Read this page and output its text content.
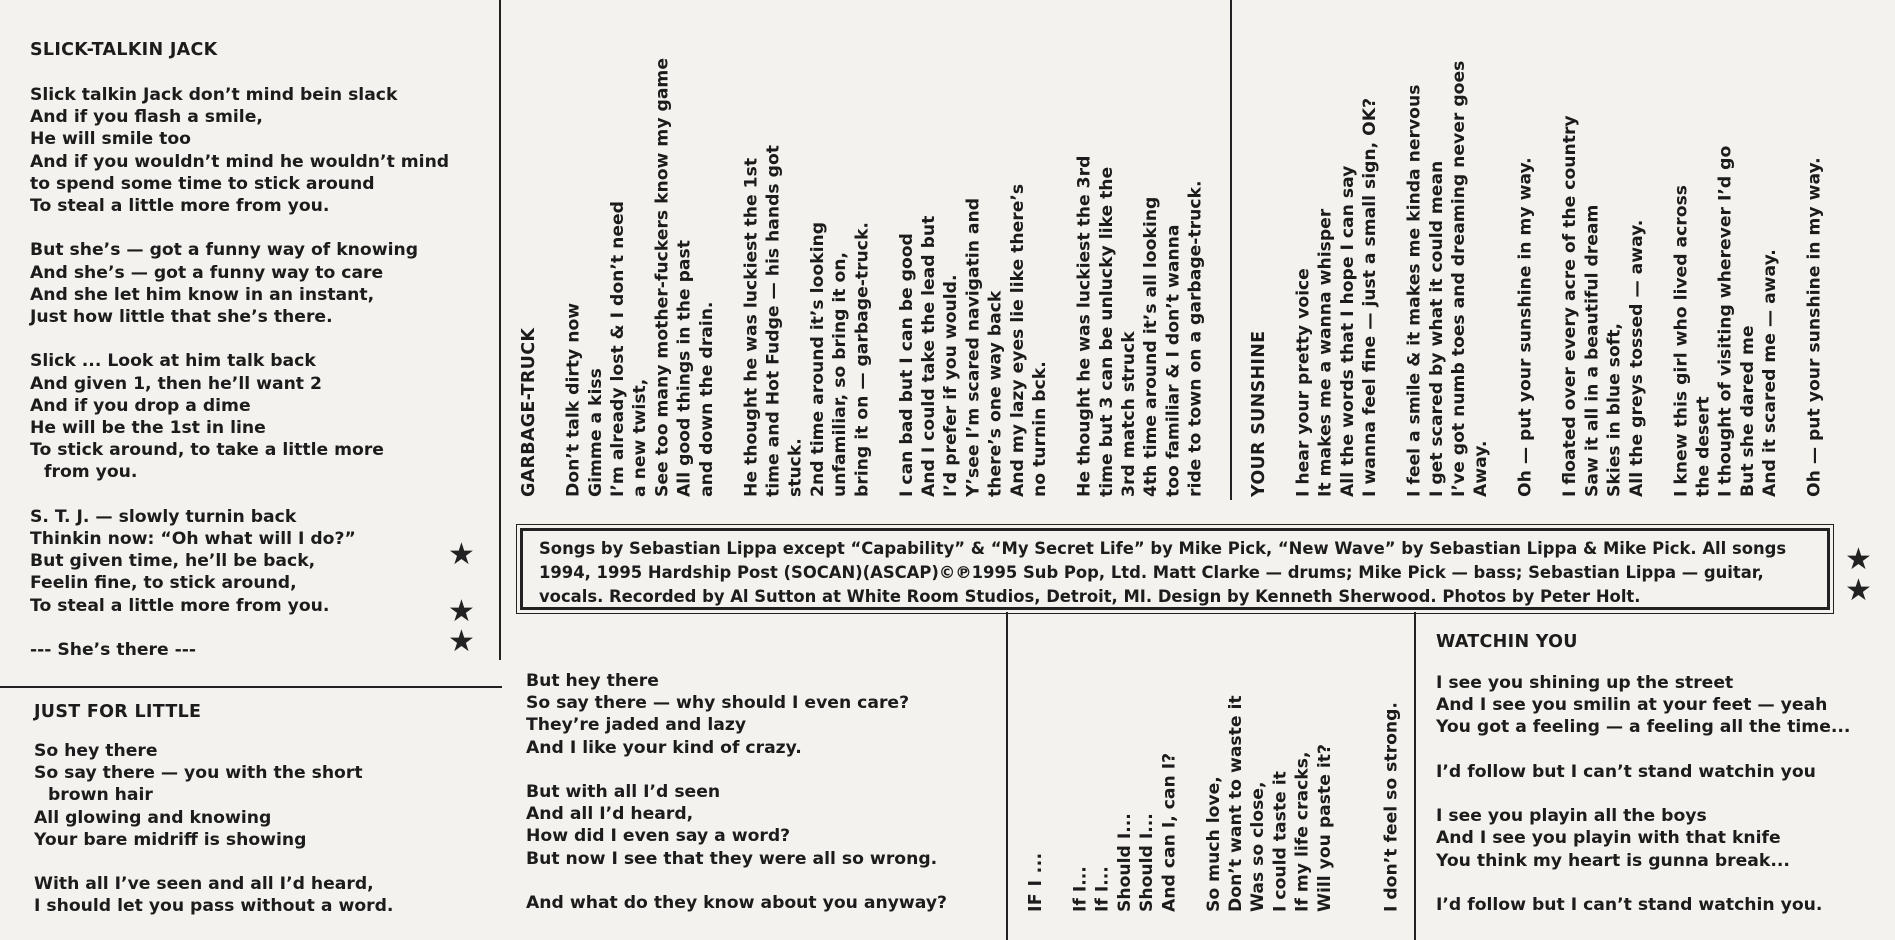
SLICK-TALKIN JACK
Slick talkin Jack don’t mind bein slack
And if you flash a smile,
He will smile too
And if you wouldn’t mind he wouldn’t mind
to spend some time to stick around
To steal a little more from you.
But she’s — got a funny way of knowing
And she’s — got a funny way to care
And she let him know in an instant,
Just how little that she’s there.
Slick ... Look at him talk back
And given 1, then he’ll want 2
And if you drop a dime
He will be the 1st in line
To stick around, to take a little more
from you.
S. T. J. — slowly turnin back
Thinkin now: “Oh what will I do?”
But given time, he’ll be back,
Feelin fine, to stick around,
To steal a little more from you.
--- She’s there ---
★
★
★
★
★
JUST FOR LITTLE
So hey there
So say there — you with the short
brown hair
All glowing and knowing
Your bare midriff is showing
With all I’ve seen and all I’d heard,
I should let you pass without a word.
But hey there
So say there — why should I even care?
They’re jaded and lazy
And I like your kind of crazy.
But with all I’d seen
And all I’d heard,
How did I even say a word?
But now I see that they were all so wrong.
And what do they know about you anyway?
GARBAGE-TRUCK Don’t talk dirty now Gimme a kiss I’m already lost & I don’t need a new twist, See too many mother-fuckers know my game All good things in the past and down the drain. He thought he was luckiest the 1st time and Hot Fudge — his hands got stuck. 2nd time around it’s looking unfamiliar, so bring it on, bring it on — garbage-truck. I can bad but I can be good And I could take the lead but I’d prefer if you would. Y’see I’m scared navigatin and there’s one way back And my lazy eyes lie like there’s no turnin bck. He thought he was luckiest the 3rd time but 3 can be unlucky like the 3rd match struck 4th time around it’s all looking too familiar & I don’t wanna ride to town on a garbage-truck. YOUR SUNSHINE I hear your pretty voice It makes me a wanna whisper All the words that I hope I can say I wanna feel fine — just a small sign, OK? I feel a smile & it makes me kinda nervous I get scared by what it could mean I’ve got numb toes and dreaming never goes Away. Oh — put your sunshine in my way. I floated over every acre of the country Saw it all in a beautiful dream Skies in blue soft, All the greys tossed — away. I knew this girl who lived across the desert I thought of visiting wherever I’d go But she dared me And it scared me — away. Oh — put your sunshine in my way.
Songs by Sebastian Lippa except “Capability” & “My Secret Life” by Mike Pick, “New Wave” by Sebastian Lippa & Mike Pick. All songs 1994, 1995 Hardship Post (SOCAN)(ASCAP)©℗1995 Sub Pop, Ltd. Matt Clarke — drums; Mike Pick — bass; Sebastian Lippa — guitar, vocals. Recorded by Al Sutton at White Room Studios, Detroit, MI. Design by Kenneth Sherwood. Photos by Peter Holt.
IF I ... If I... If I... Should I... Should I... And can I, can I? So much love, Don’t want to waste it Was so close, I could taste it If my life cracks, Will you paste it?	I don’t feel so strong.
WATCHIN YOU
I see you shining up the street
And I see you smilin at your feet — yeah
You got a feeling — a feeling all the time...
I’d follow but I can’t stand watchin you
I see you playin all the boys
And I see you playin with that knife
You think my heart is gunna break...
I’d follow but I can’t stand watchin you.
